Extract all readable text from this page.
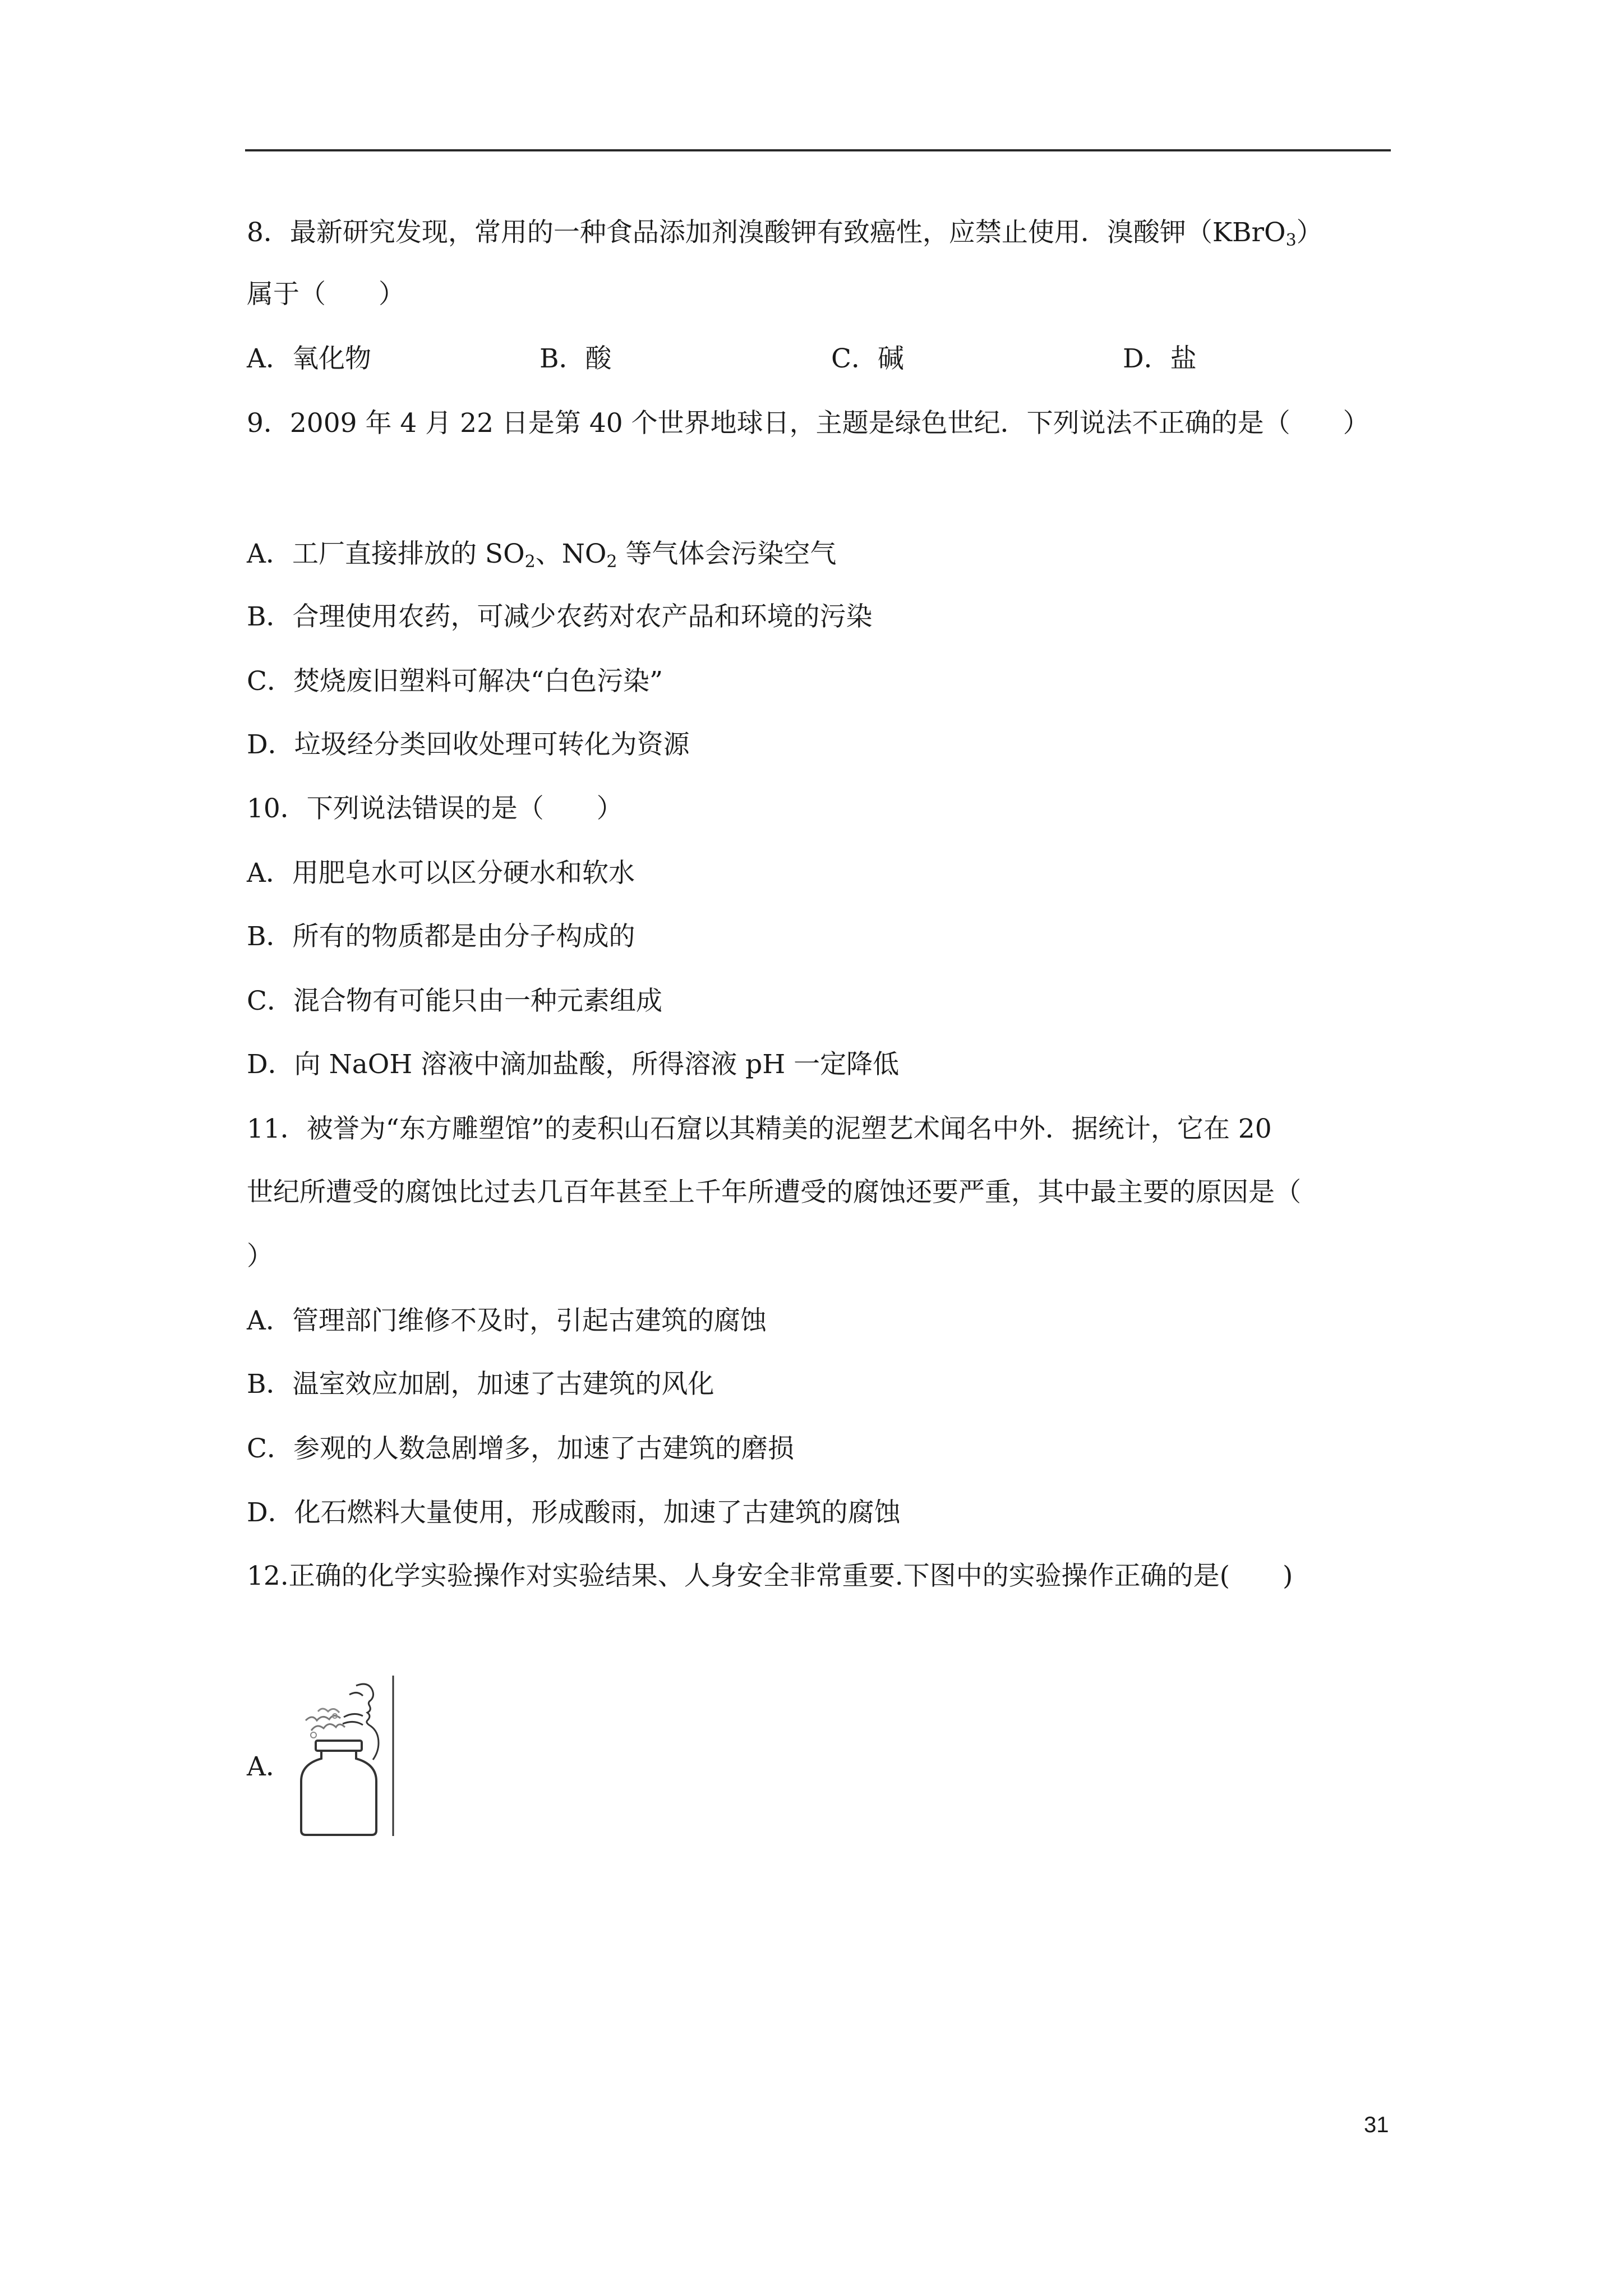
8．最新研究发现，常用的一种食品添加剂溴酸钾有致癌性，应禁止使用．溴酸钾（KBrO$_3$）
属于（　　）
A．氧化物	B．酸	C．碱	D．盐
9．2009 年 4 月 22 日是第 40 个世界地球日，主题是绿色世纪．下列说法不正确的是（　　）
A．工厂直接排放的 $SO_2$、$NO_2$ 等气体会污染空气
B．合理使用农药，可减少农药对农产品和环境的污染
C．焚烧废旧塑料可解决“白色污染”
D．垃圾经分类回收处理可转化为资源
10．下列说法错误的是（　　）
A．用肥皂水可以区分硬水和软水
B．所有的物质都是由分子构成的
C．混合物有可能只由一种元素组成
D．向 NaOH 溶液中滴加盐酸，所得溶液 pH 一定降低
11．被誉为“东方雕塑馆”的麦积山石窟以其精美的泥塑艺术闻名中外．据统计，它在 20
世纪所遭受的腐蚀比过去几百年甚至上千年所遭受的腐蚀还要严重，其中最主要的原因是（
）
A．管理部门维修不及时，引起古建筑的腐蚀
B．温室效应加剧，加速了古建筑的风化
C．参观的人数急剧增多，加速了古建筑的磨损
D．化石燃料大量使用，形成酸雨，加速了古建筑的腐蚀
12.正确的化学实验操作对实验结果、人身安全非常重要.下图中的实验操作正确的是(　　)
A．
31
